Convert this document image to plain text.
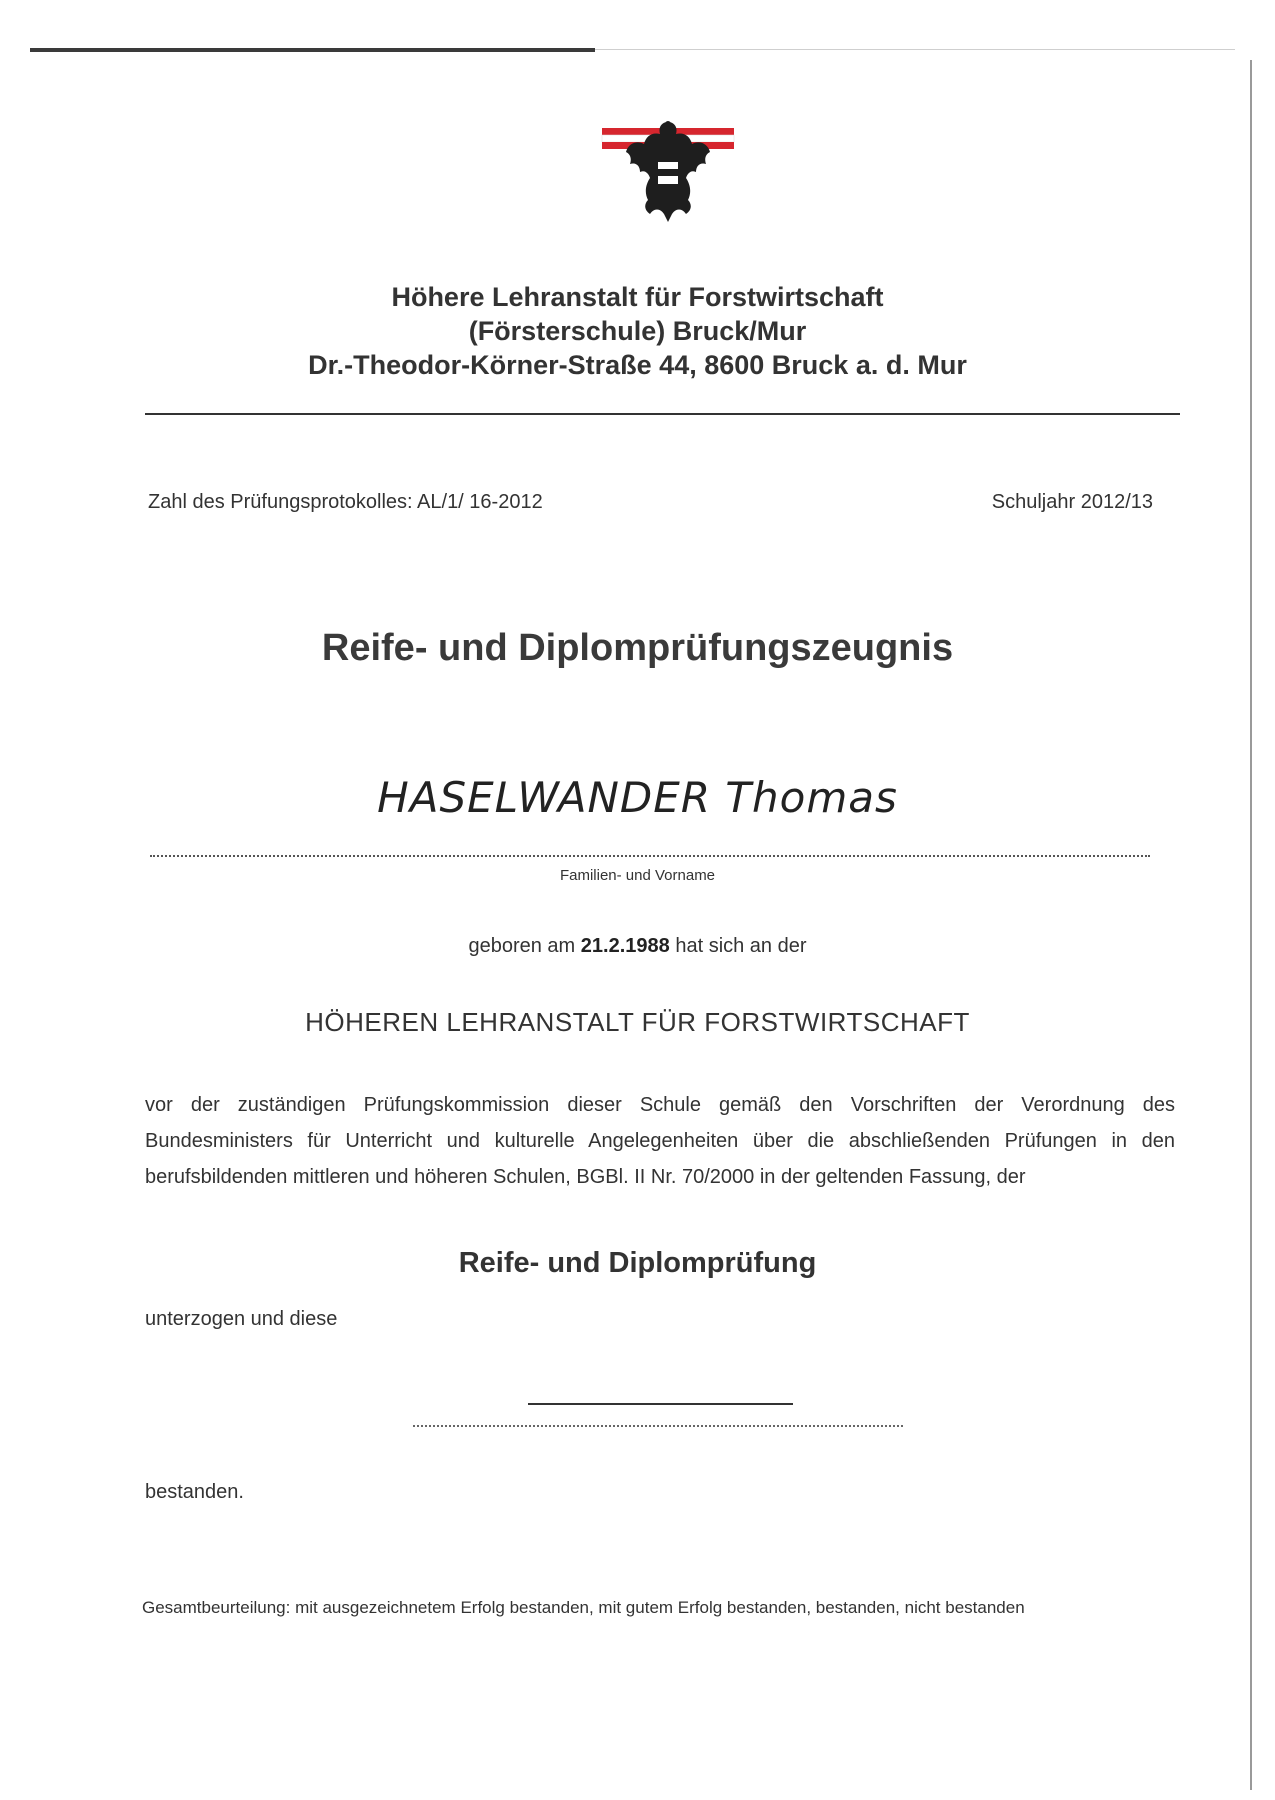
Höhere Lehranstalt für Forstwirtschaft
(Försterschule) Bruck/Mur
Dr.-Theodor-Körner-Straße 44, 8600 Bruck a. d. Mur
Zahl des Prüfungsprotokolles: AL/1/ 16-2012	Schuljahr 2012/13
Reife- und Diplomprüfungszeugnis
HASELWANDER Thomas
Familien- und Vorname
geboren am 21.2.1988 hat sich an der
HÖHEREN LEHRANSTALT FÜR FORSTWIRTSCHAFT
vor der zuständigen Prüfungskommission dieser Schule gemäß den Vorschriften der Verordnung des
Bundesministers für Unterricht und kulturelle Angelegenheiten über die abschließenden Prüfungen in den
berufsbildenden mittleren und höheren Schulen, BGBl. II Nr. 70/2000 in der geltenden Fassung, der
Reife- und Diplomprüfung
unterzogen und diese
bestanden.
Gesamtbeurteilung: mit ausgezeichnetem Erfolg bestanden, mit gutem Erfolg bestanden, bestanden, nicht bestanden
